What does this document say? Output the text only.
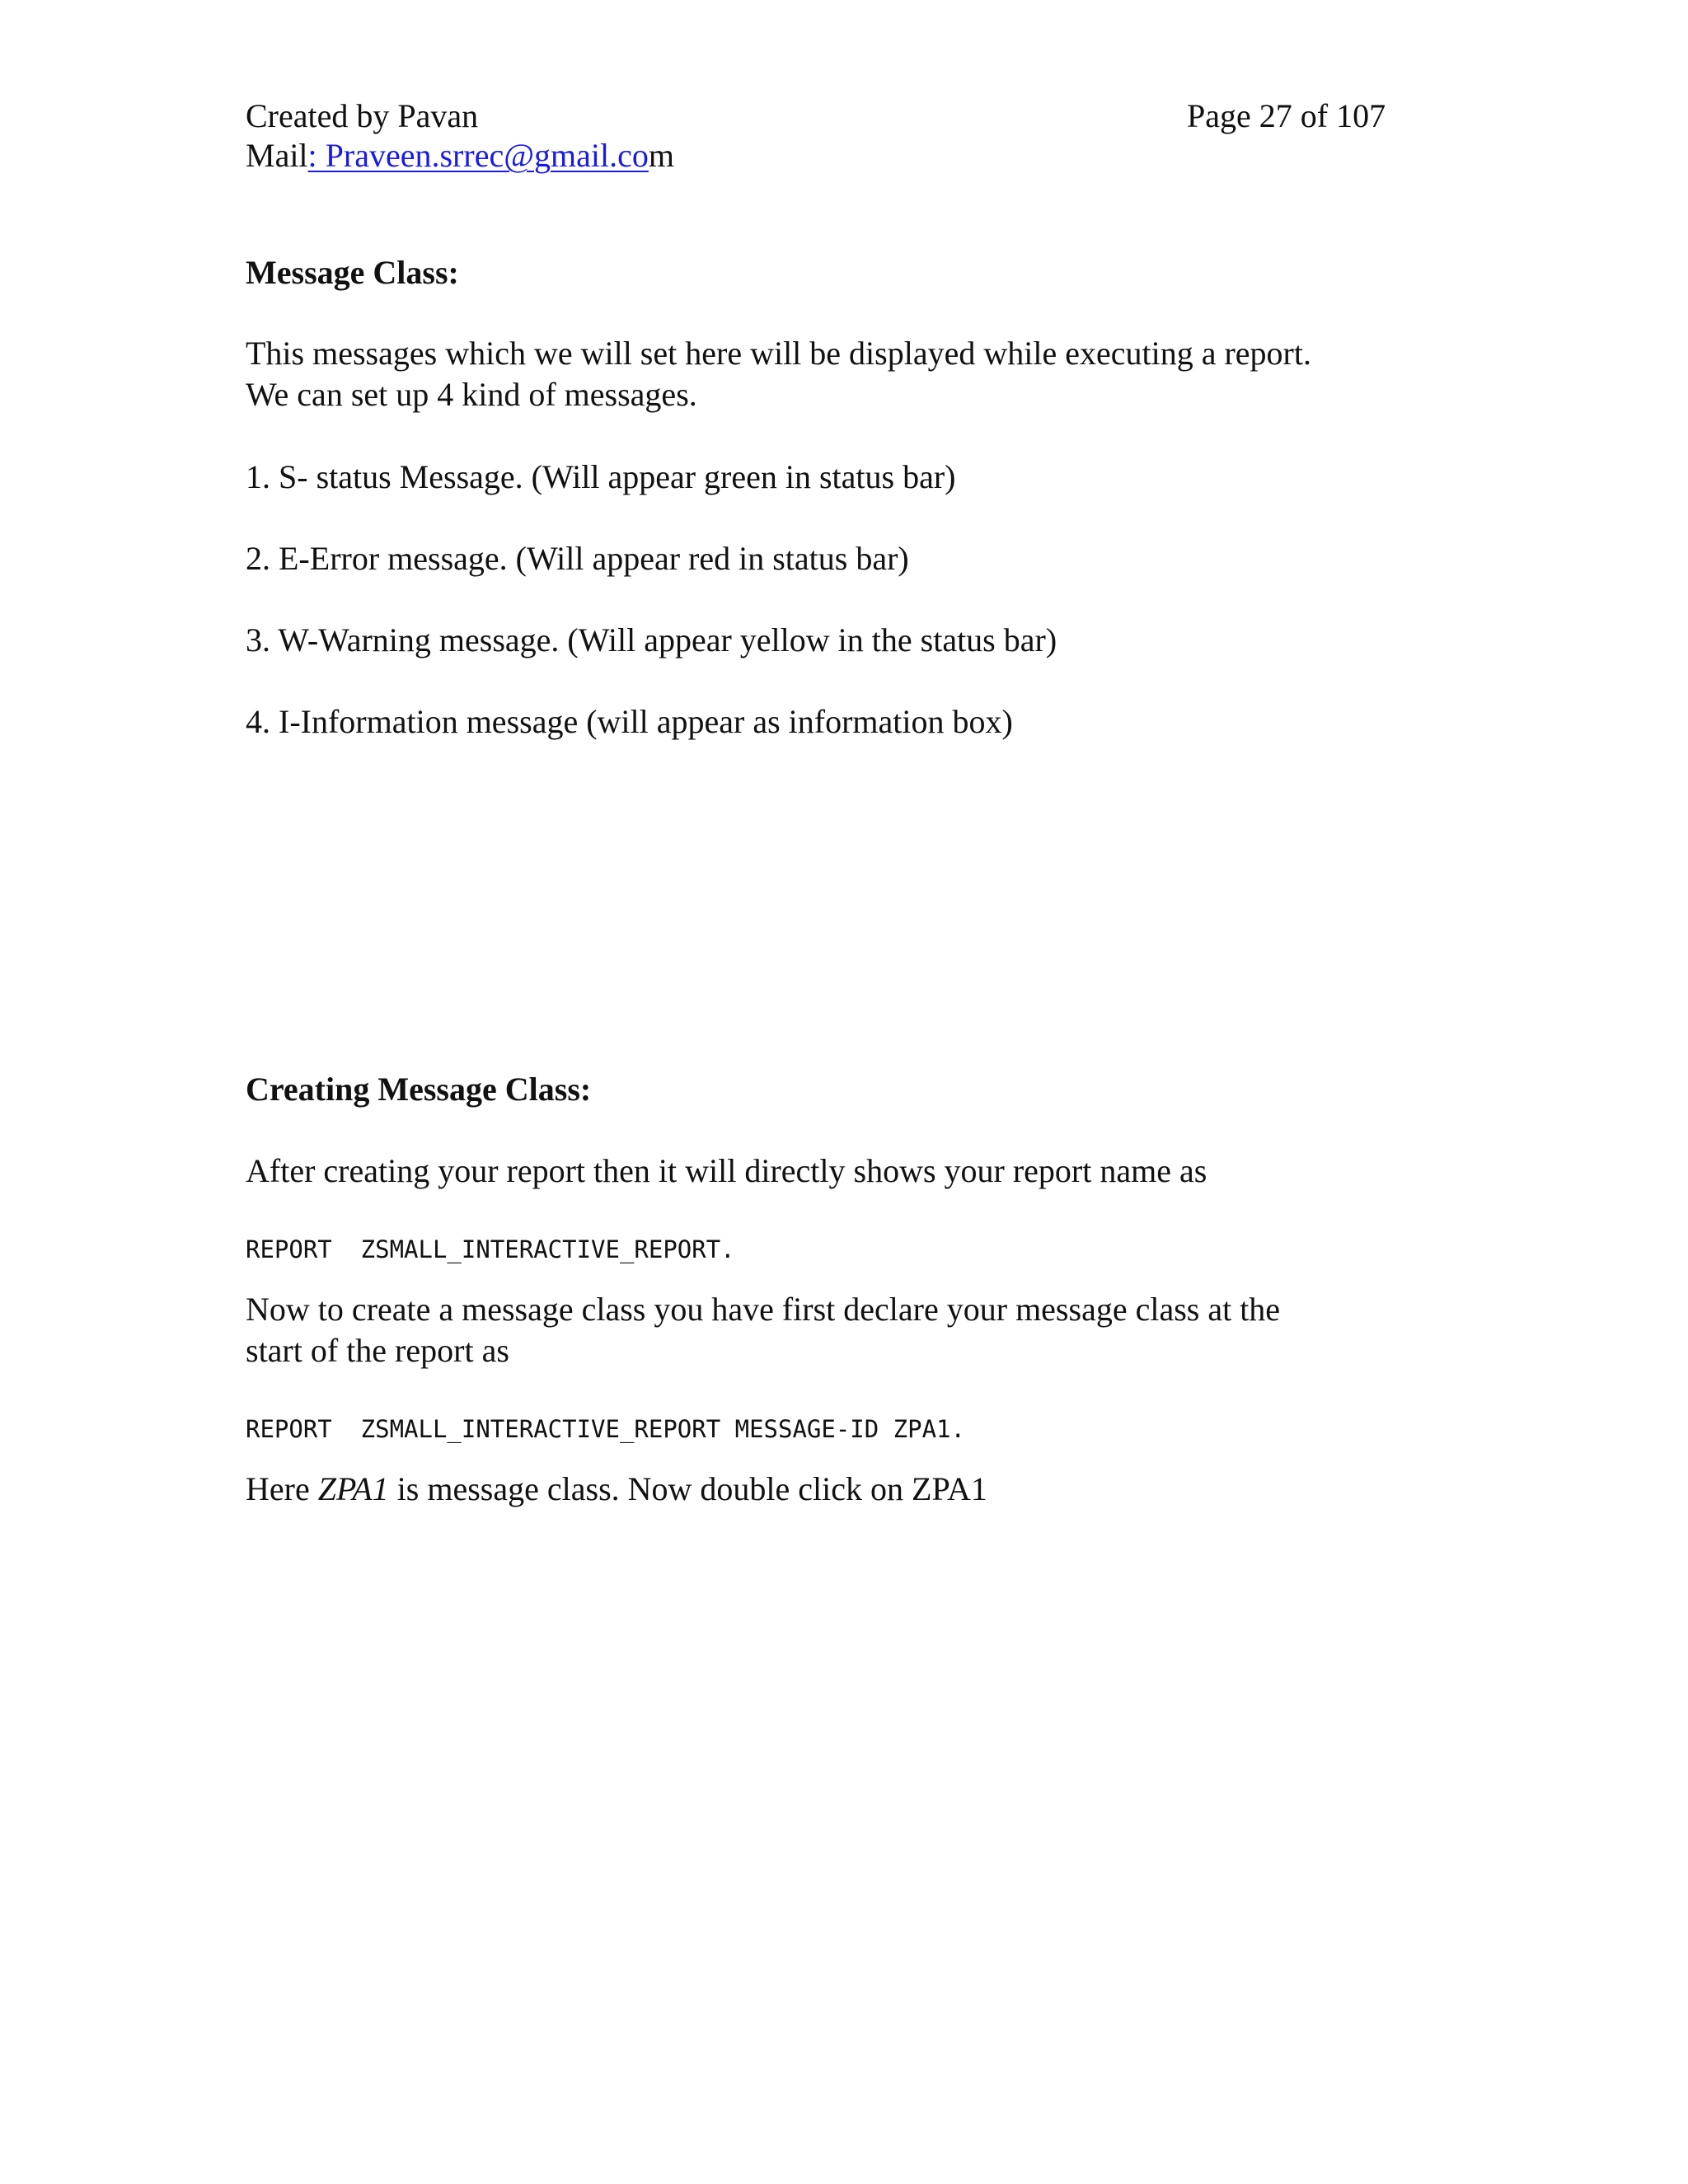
Created by Pavan	Page 27 of 107
Mail: Praveen.srrec@gmail.com
Message Class:
This messages which we will set here will be displayed while executing a report.
We can set up 4 kind of messages.
1. S- status Message. (Will appear green in status bar)
2. E-Error message. (Will appear red in status bar)
3. W-Warning message. (Will appear yellow in the status bar)
4. I-Information message (will appear as information box)
Creating Message Class:
After creating your report then it will directly shows your report name as
REPORT  ZSMALL_INTERACTIVE_REPORT.
Now to create a message class you have first declare your message class at the
start of the report as
REPORT  ZSMALL_INTERACTIVE_REPORT MESSAGE-ID ZPA1.
Here ZPA1 is message class. Now double click on ZPA1
